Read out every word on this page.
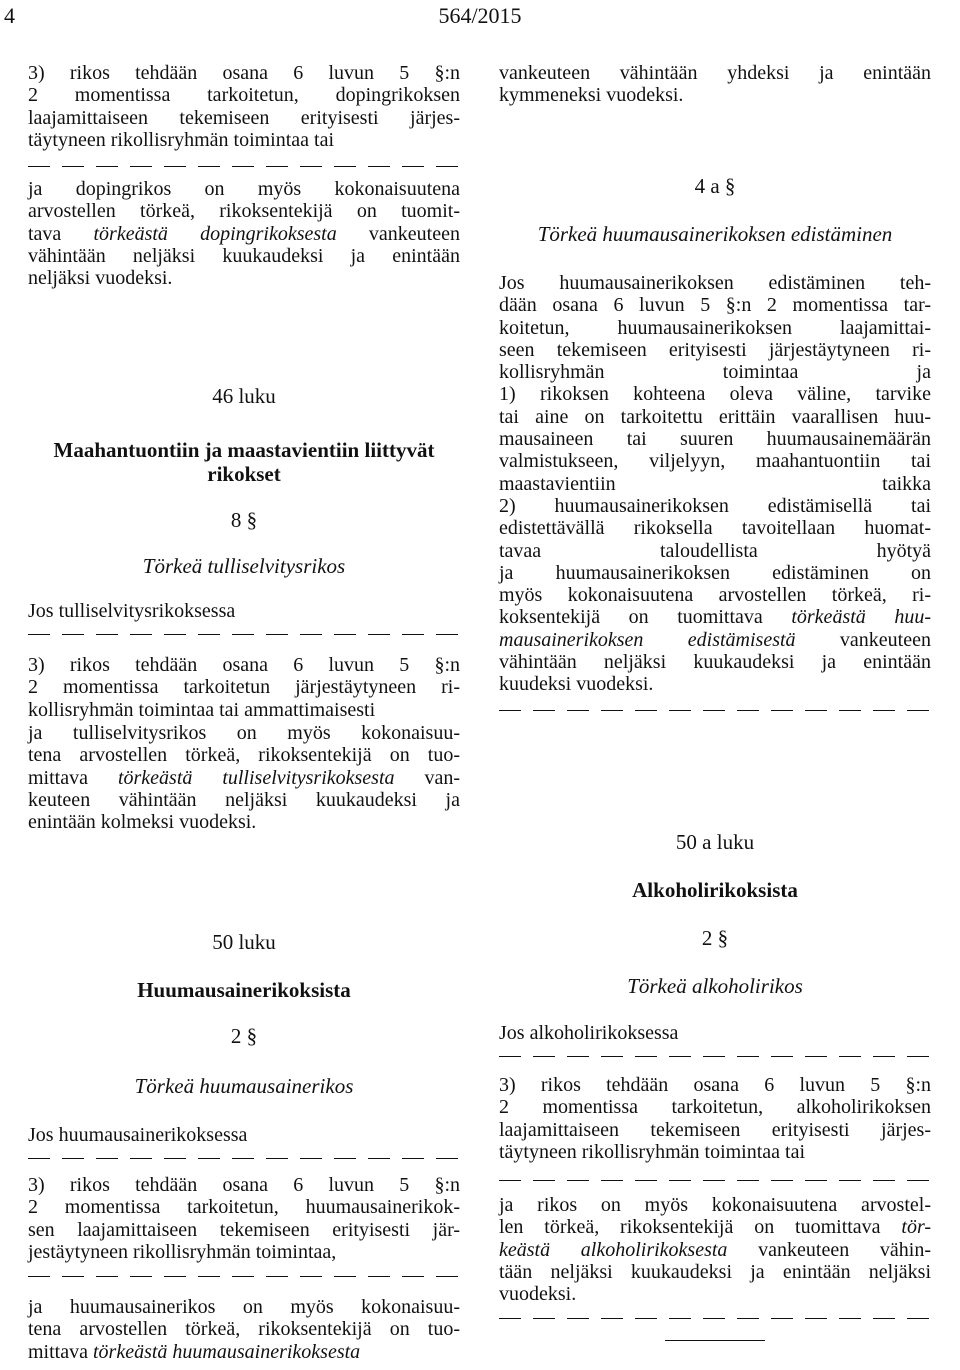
4	564/2015
3) rikos tehdään osana 6 luvun 5 §:n
2 momentissa tarkoitetun, dopingrikoksen
laajamittaiseen tekemiseen erityisesti järjes-
täytyneen rikollisryhmän toimintaa tai
ja dopingrikos on myös kokonaisuutena
arvostellen törkeä, rikoksentekijä on tuomit-
tava törkeästä dopingrikoksesta vankeuteen
vähintään neljäksi kuukaudeksi ja enintään
neljäksi vuodeksi.
46 luku
Maahantuontiin ja maastavientiin liittyvät
rikokset
8 §
Törkeä tulliselvitysrikos
Jos tulliselvitysrikoksessa
3) rikos tehdään osana 6 luvun 5 §:n
2 momentissa tarkoitetun järjestäytyneen ri-
kollisryhmän toimintaa tai ammattimaisesti
ja tulliselvitysrikos on myös kokonaisuu-
tena arvostellen törkeä, rikoksentekijä on tuo-
mittava törkeästä tulliselvitysrikoksesta van-
keuteen vähintään neljäksi kuukaudeksi ja
enintään kolmeksi vuodeksi.
50 luku
Huumausainerikoksista
2 §
Törkeä huumausainerikos
Jos huumausainerikoksessa
3) rikos tehdään osana 6 luvun 5 §:n
2 momentissa tarkoitetun, huumausainerikok-
sen laajamittaiseen tekemiseen erityisesti jär-
jestäytyneen rikollisryhmän toimintaa,
ja huumausainerikos on myös kokonaisuu-
tena arvostellen törkeä, rikoksentekijä on tuo-
mittava törkeästä huumausainerikoksesta
vankeuteen vähintään yhdeksi ja enintään
kymmeneksi vuodeksi.
4 a §
Törkeä huumausainerikoksen edistäminen
Jos huumausainerikoksen edistäminen teh-
dään osana 6 luvun 5 §:n 2 momentissa tar-
koitetun, huumausainerikoksen laajamittai-
seen tekemiseen erityisesti järjestäytyneen ri-
kollisryhmän toimintaa ja
1) rikoksen kohteena oleva väline, tarvike
tai aine on tarkoitettu erittäin vaarallisen huu-
mausaineen tai suuren huumausainemäärän
valmistukseen, viljelyyn, maahantuontiin tai
maastavientiin taikka
2) huumausainerikoksen edistämisellä tai
edistettävällä rikoksella tavoitellaan huomat-
tavaa taloudellista hyötyä
ja huumausainerikoksen edistäminen on
myös kokonaisuutena arvostellen törkeä, ri-
koksentekijä on tuomittava törkeästä huu-
mausainerikoksen edistämisestä vankeuteen
vähintään neljäksi kuukaudeksi ja enintään
kuudeksi vuodeksi.
50 a luku
Alkoholirikoksista
2 §
Törkeä alkoholirikos
Jos alkoholirikoksessa
3) rikos tehdään osana 6 luvun 5 §:n
2 momentissa tarkoitetun, alkoholirikoksen
laajamittaiseen tekemiseen erityisesti järjes-
täytyneen rikollisryhmän toimintaa tai
ja rikos on myös kokonaisuutena arvostel-
len törkeä, rikoksentekijä on tuomittava tör-
keästä alkoholirikoksesta vankeuteen vähin-
tään neljäksi kuukaudeksi ja enintään neljäksi
vuodeksi.
